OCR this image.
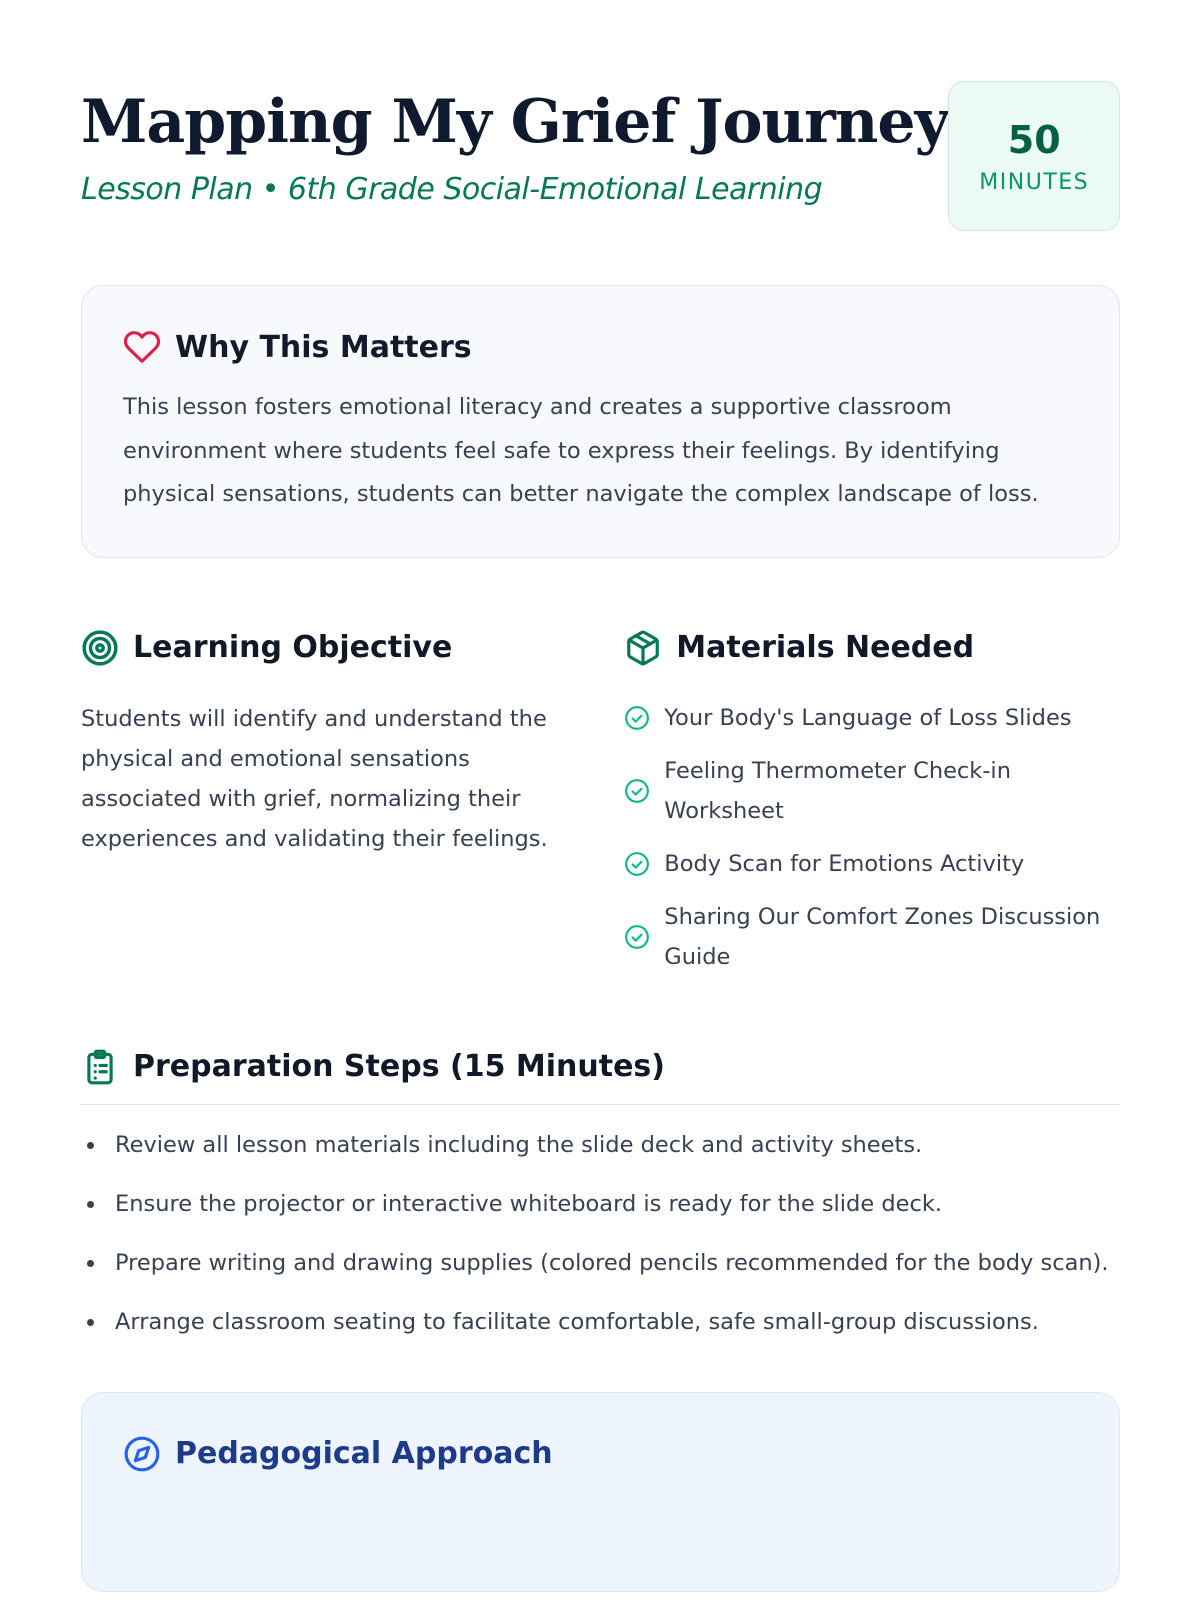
Mapping My Grief Journey
Lesson Plan • 6th Grade Social-Emotional Learning
50
MINUTES
Why This Matters

This lesson fosters emotional literacy and creates a supportive classroom environment where students feel safe to express their feelings. By identifying physical sensations, students can better navigate the complex landscape of loss.

Learning Objective

Students will identify and understand the physical and emotional sensations associated with grief, normalizing their experiences and validating their feelings.

Materials Needed
Your Body's Language of Loss Slides
Feeling Thermometer Check-in Worksheet
Body Scan for Emotions Activity
Sharing Our Comfort Zones Discussion Guide
Preparation Steps (15 Minutes)
Review all lesson materials including the slide deck and activity sheets.
Ensure the projector or interactive whiteboard is ready for the slide deck.
Prepare writing and drawing supplies (colored pencils recommended for the body scan).
Arrange classroom seating to facilitate comfortable, safe small-group discussions.
Pedagogical Approach
